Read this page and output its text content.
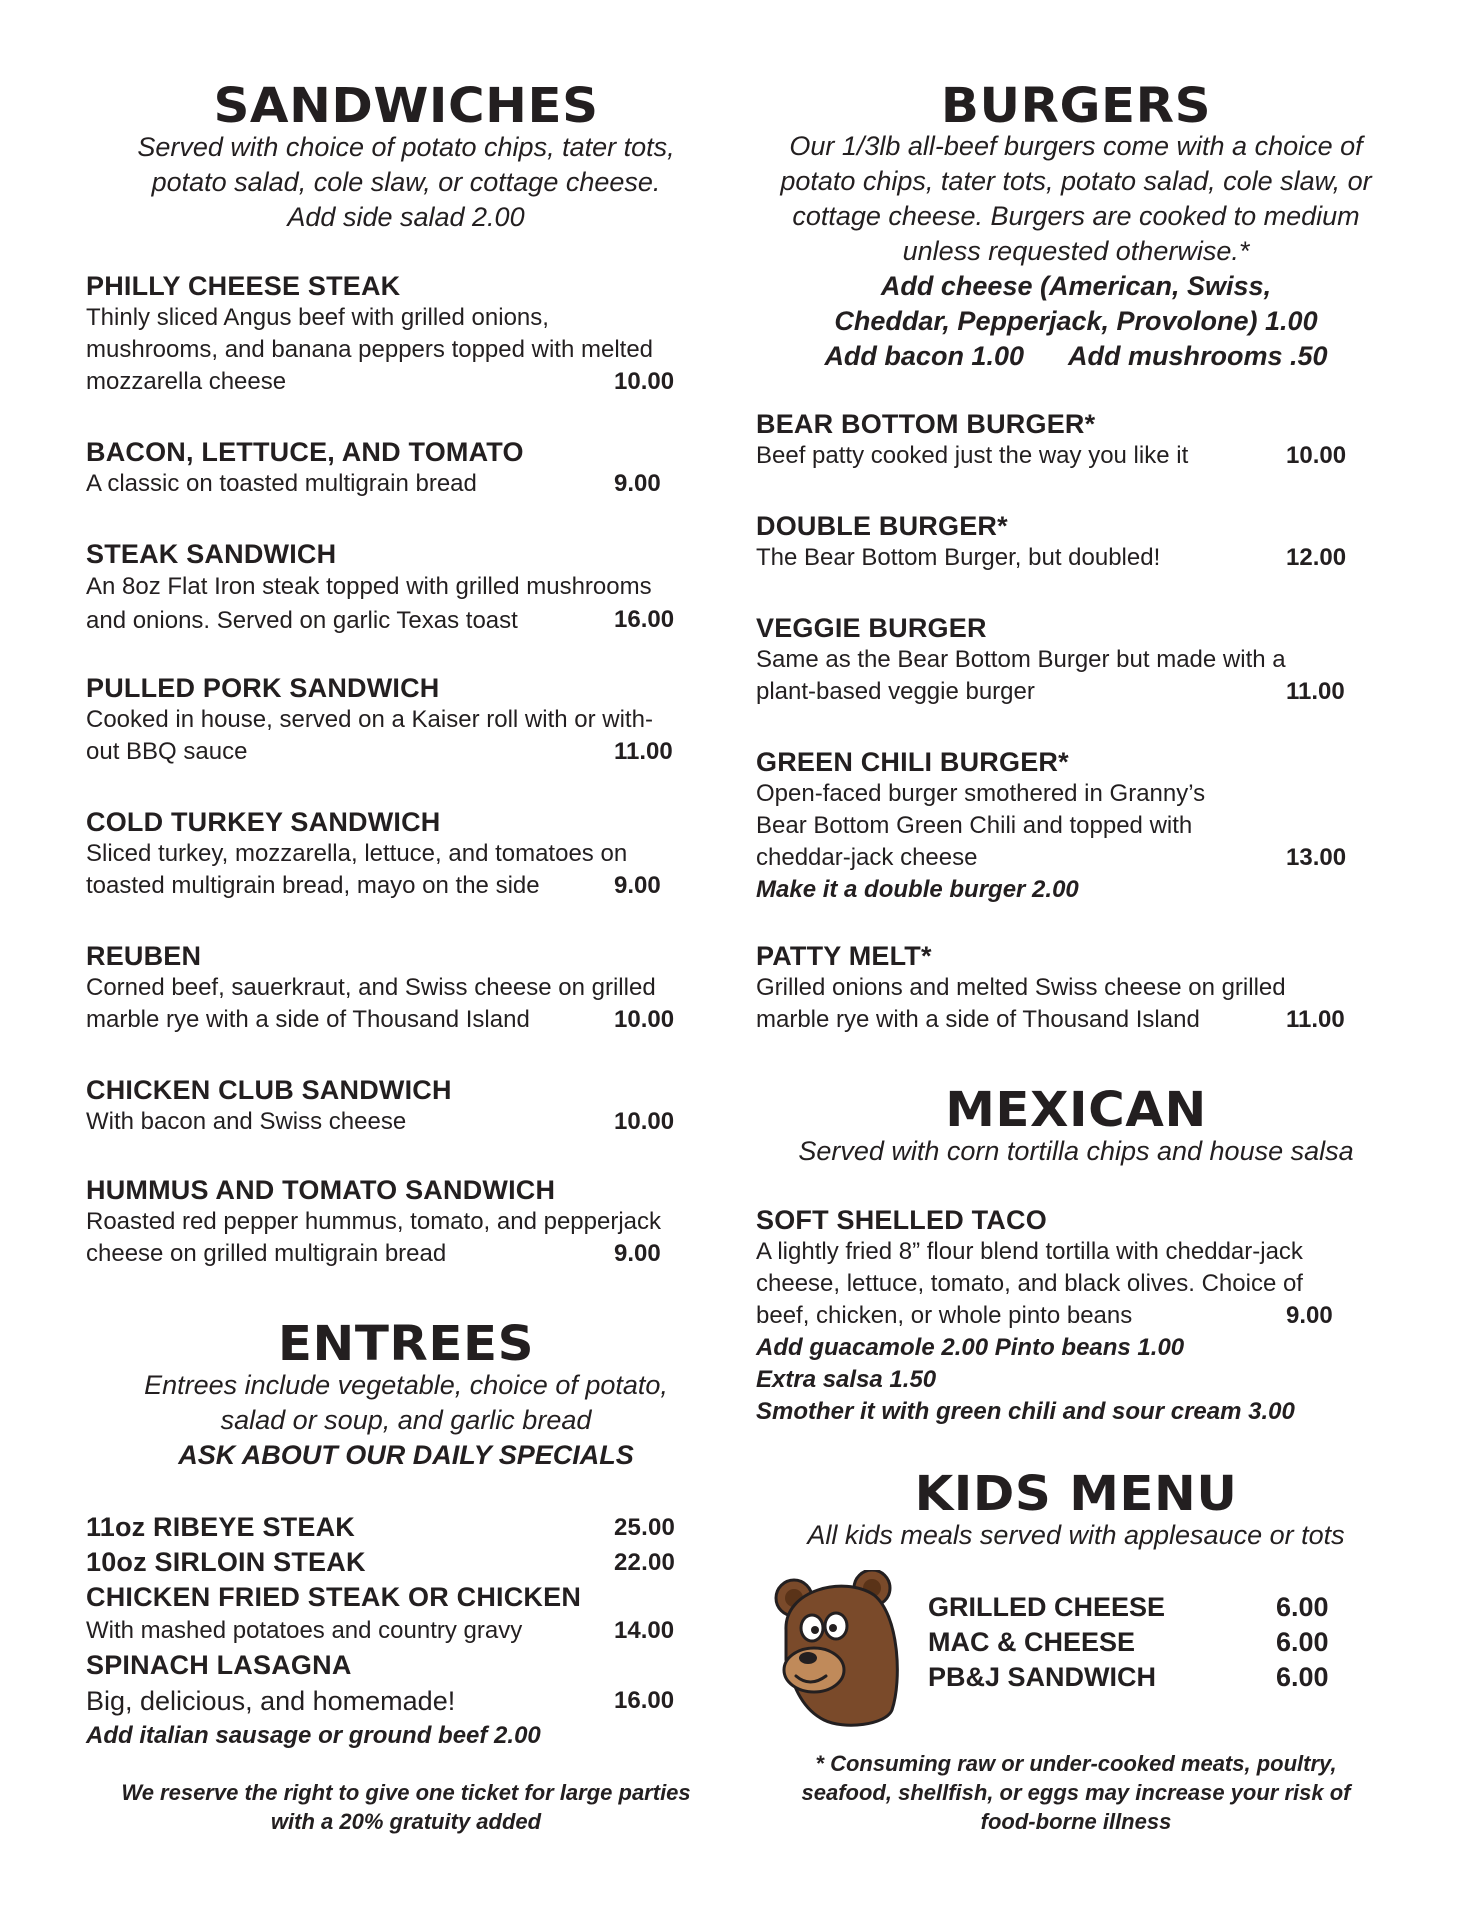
SANDWICHES
Served with choice of potato chips, tater tots,
potato salad, cole slaw, or cottage cheese.
Add side salad 2.00
PHILLY CHEESE STEAK
Thinly sliced Angus beef with grilled onions,
mushrooms, and banana peppers topped with melted
mozzarella cheese	10.00
BACON, LETTUCE, AND TOMATO
A classic on toasted multigrain bread	9.00
STEAK SANDWICH
An 8oz Flat Iron steak topped with grilled mushrooms
and onions. Served on garlic Texas toast	16.00
PULLED PORK SANDWICH
Cooked in house, served on a Kaiser roll with or with-
out BBQ sauce	11.00
COLD TURKEY SANDWICH
Sliced turkey, mozzarella, lettuce, and tomatoes on
toasted multigrain bread, mayo on the side	9.00
REUBEN
Corned beef, sauerkraut, and Swiss cheese on grilled
marble rye with a side of Thousand Island	10.00
CHICKEN CLUB SANDWICH
With bacon and Swiss cheese	10.00
HUMMUS AND TOMATO SANDWICH
Roasted red pepper hummus, tomato, and pepperjack
cheese on grilled multigrain bread	9.00
ENTREES
Entrees include vegetable, choice of potato,
salad or soup, and garlic bread
ASK ABOUT OUR DAILY SPECIALS
11oz RIBEYE STEAK	25.00
10oz SIRLOIN STEAK	22.00
CHICKEN FRIED STEAK OR CHICKEN
With mashed potatoes and country gravy	14.00
SPINACH LASAGNA
Big, delicious, and homemade!	16.00
Add italian sausage or ground beef 2.00
We reserve the right to give one ticket for large parties
with a 20% gratuity added
BURGERS
Our 1/3lb all-beef burgers come with a choice of
potato chips, tater tots, potato salad, cole slaw, or
cottage cheese. Burgers are cooked to medium
unless requested otherwise.*
Add cheese (American, Swiss,
Cheddar, Pepperjack, Provolone) 1.00
Add bacon 1.00      Add mushrooms .50
BEAR BOTTOM BURGER*
Beef patty cooked just the way you like it	10.00
DOUBLE BURGER*
The Bear Bottom Burger, but doubled!	12.00
VEGGIE BURGER
Same as the Bear Bottom Burger but made with a
plant-based veggie burger	11.00
GREEN CHILI BURGER*
Open-faced burger smothered in Granny’s
Bear Bottom Green Chili and topped with
cheddar-jack cheese	13.00
Make it a double burger 2.00
PATTY MELT*
Grilled onions and melted Swiss cheese on grilled
marble rye with a side of Thousand Island	11.00
MEXICAN
Served with corn tortilla chips and house salsa
SOFT SHELLED TACO
A lightly fried 8” flour blend tortilla with cheddar-jack
cheese, lettuce, tomato, and black olives. Choice of
beef, chicken, or whole pinto beans	9.00
Add guacamole 2.00 Pinto beans 1.00
Extra salsa 1.50
Smother it with green chili and sour cream 3.00
KIDS MENU
All kids meals served with applesauce or tots
GRILLED CHEESE	6.00
MAC & CHEESE	6.00
PB&J SANDWICH	6.00
* Consuming raw or under-cooked meats, poultry,
seafood, shellfish, or eggs may increase your risk of
food-borne illness
